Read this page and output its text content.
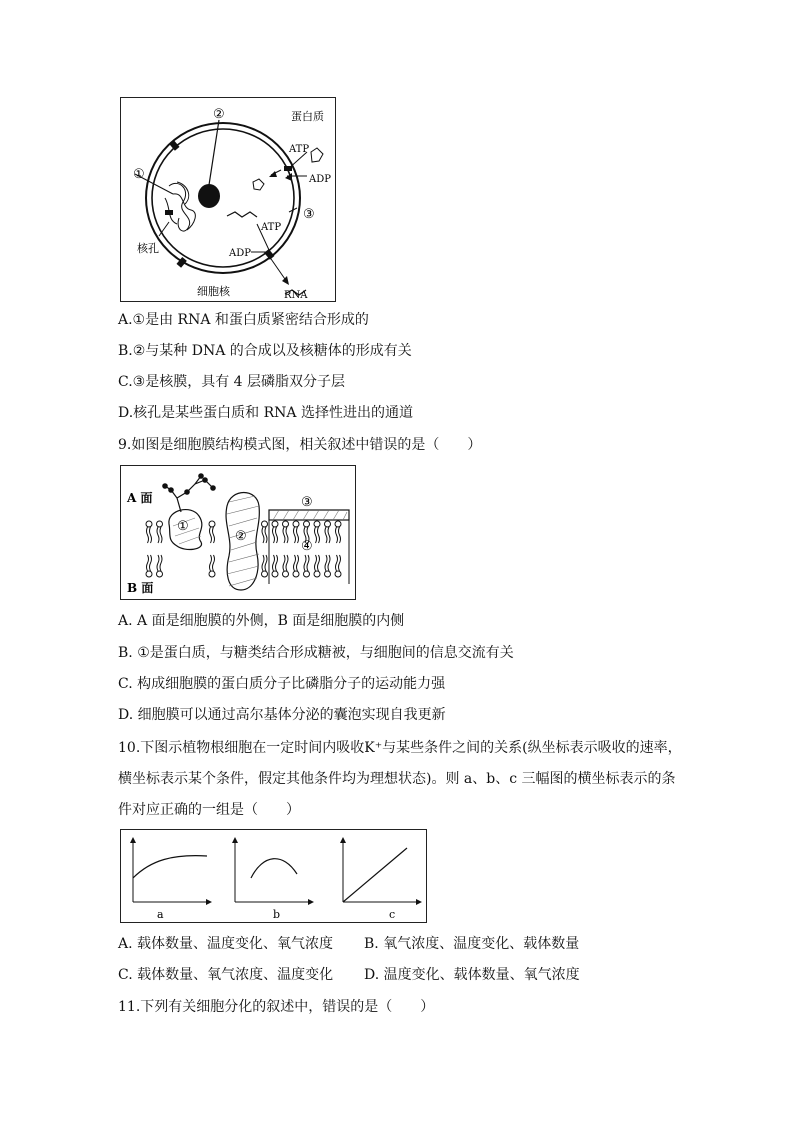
①
②
③
蛋白质
ATP
ADP
ATP
ADP
RNA
核孔
细胞核
A.①是由 RNA 和蛋白质紧密结合形成的
B.②与某种 DNA 的合成以及核糖体的形成有关
C.③是核膜，具有 4 层磷脂双分子层
D.核孔是某些蛋白质和 RNA 选择性进出的通道
9.如图是细胞膜结构模式图，相关叙述中错误的是（　　）
A 面
B 面
①
②
③
④
A. A 面是细胞膜的外侧，B 面是细胞膜的内侧
B. ①是蛋白质，与糖类结合形成糖被，与细胞间的信息交流有关
C. 构成细胞膜的蛋白质分子比磷脂分子的运动能力强
D. 细胞膜可以通过高尔基体分泌的囊泡实现自我更新
10.下图示植物根细胞在一定时间内吸收K⁺与某些条件之间的关系(纵坐标表示吸收的速率，
横坐标表示某个条件，假定其他条件均为理想状态)。则 a、b、c 三幅图的横坐标表示的条
件对应正确的一组是（　　）
a	b	c
A. 载体数量、温度变化、氧气浓度 B. 氧气浓度、温度变化、载体数量
C. 载体数量、氧气浓度、温度变化 D. 温度变化、载体数量、氧气浓度
11.下列有关细胞分化的叙述中，错误的是（　　）
